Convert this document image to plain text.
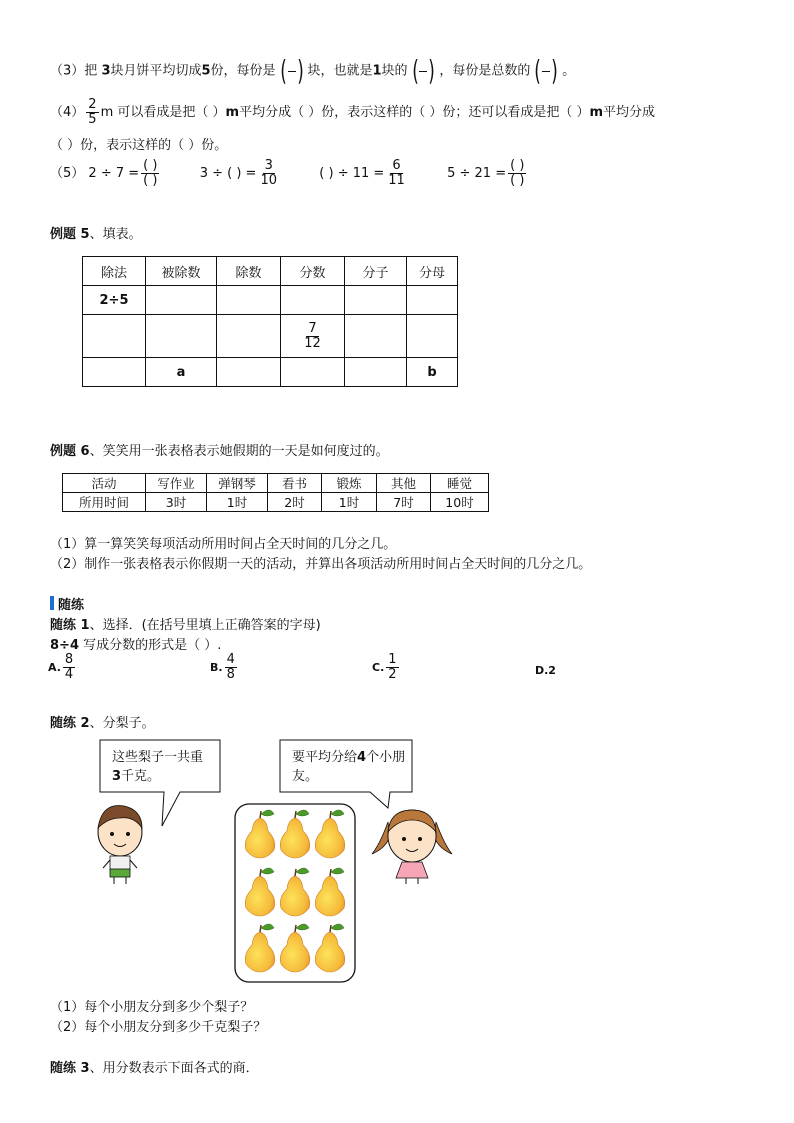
（3）把 3块月饼平均切成5份，每份是 ( ) 块，也就是1块的 ( ) ，每份是总数的 ( ) 。
$(4) \frac{2}{5}$ m 可以看成是把（ ）m平均分成（ ）份，表示这样的（ ）份；还可以看成是把（ ）m平均分成
（ ）份，表示这样的（ ）份。
（5） $2 \div 7 = \frac{( )}{( )}$	3 ÷ ( ) = $\frac{3}{10}$	( ) ÷ $11 = \frac{6}{11}$	$5 \div 21 = \frac{( )}{( )}$
例题 5、填表。
除法	被除数	除数	分数	分子	分母
2÷5					

			$\frac{7}{12}$

	a				b
例题 6、笑笑用一张表格表示她假期的一天是如何度过的。
活动	写作业	弹钢琴	看书	锻炼	其他	睡觉
所用时间	3时	1时	2时	1时	7时	10时
（1）算一算笑笑每项活动所用时间占全天时间的几分之几。
（2）制作一张表格表示你假期一天的活动，并算出各项活动所用时间占全天时间的几分之几。
随练
随练 1、选择．(在括号里填上正确答案的字母)
8÷4 写成分数的形式是（ ）.
A. $\frac{8}{4}$	B. $\frac{4}{8}$	C. $\frac{1}{2}$	D.2
随练 2、分梨子。
这些梨子一共重
3千克。
要平均分给4个小朋友。
（1）每个小朋友分到多少个梨子？
（2）每个小朋友分到多少千克梨子？
随练 3、用分数表示下面各式的商．
